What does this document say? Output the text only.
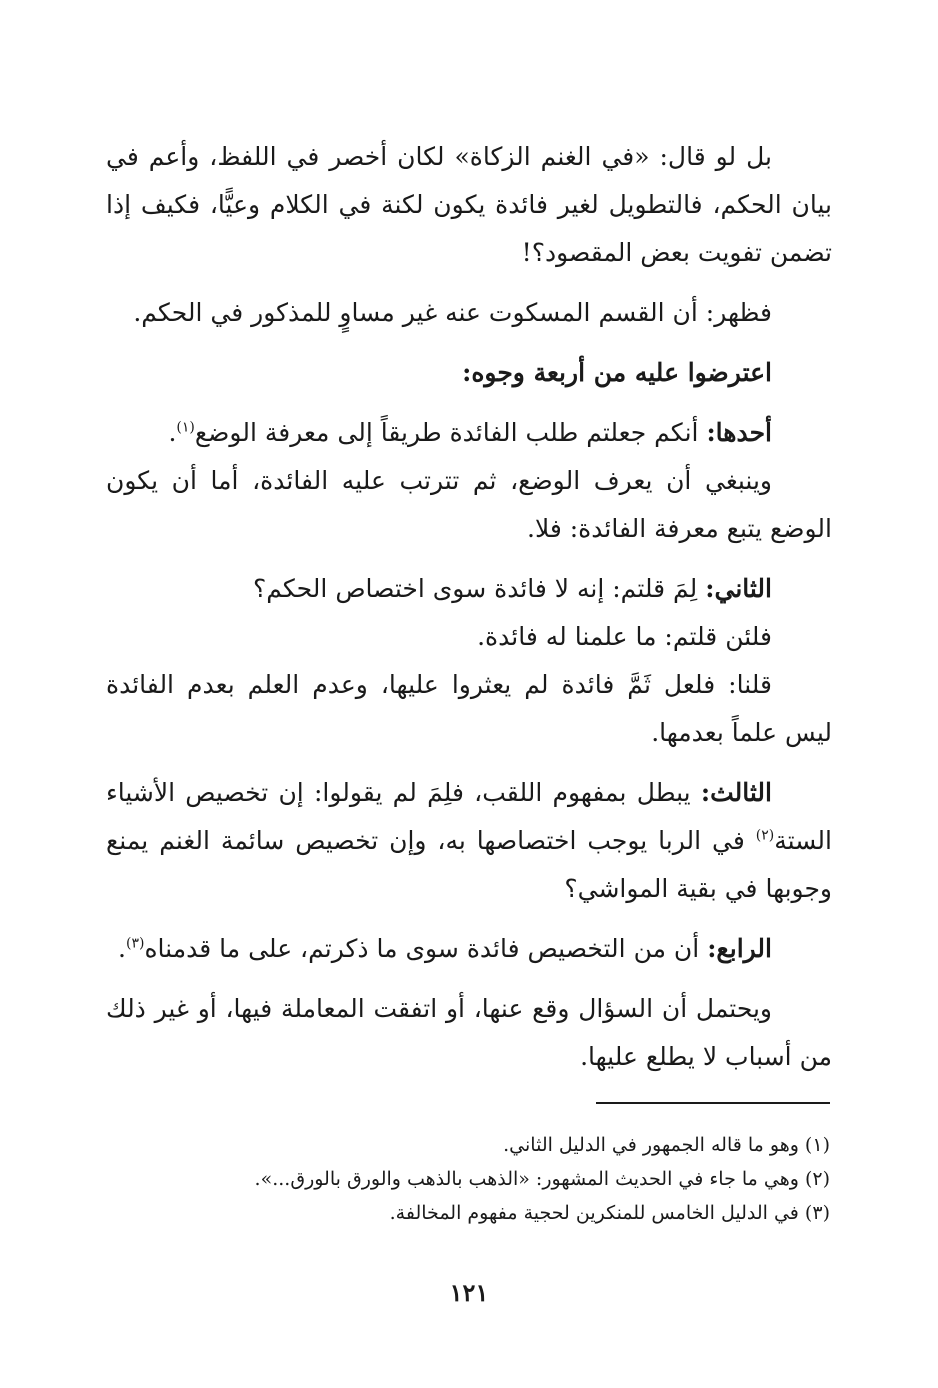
بل لو قال: «في الغنم الزكاة» لكان أخصر في اللفظ، وأعم في بيان الحكم، فالتطويل لغير فائدة يكون لكنة في الكلام وعيًّا، فكيف إذا تضمن تفويت بعض المقصود؟!

فظهر: أن القسم المسكوت عنه غير مساوٍ للمذكور في الحكم.

اعترضوا عليه من أربعة وجوه:

أحدها: أنكم جعلتم طلب الفائدة طريقاً إلى معرفة الوضع$^{(١)}$.

وينبغي أن يعرف الوضع، ثم تترتب عليه الفائدة، أما أن يكون الوضع يتبع معرفة الفائدة: فلا.

الثاني: لِمَ قلتم: إنه لا فائدة سوى اختصاص الحكم؟

فلئن قلتم: ما علمنا له فائدة.

قلنا: فلعل ثَمَّ فائدة لم يعثروا عليها، وعدم العلم بعدم الفائدة ليس علماً بعدمها.

الثالث: يبطل بمفهوم اللقب، فلِمَ لم يقولوا: إن تخصيص الأشياء الستة$^{(٢)}$ في الربا يوجب اختصاصها به، وإن تخصيص سائمة الغنم يمنع وجوبها في بقية المواشي؟

الرابع: أن من التخصيص فائدة سوى ما ذكرتم، على ما قدمناه$^{(٣)}$.

ويحتمل أن السؤال وقع عنها، أو اتفقت المعاملة فيها، أو غير ذلك من أسباب لا يطلع عليها.

(١) وهو ما قاله الجمهور في الدليل الثاني.

(٢) وهي ما جاء في الحديث المشهور: «الذهب بالذهب والورق بالورق...».

(٣) في الدليل الخامس للمنكرين لحجية مفهوم المخالفة.

١٢١
